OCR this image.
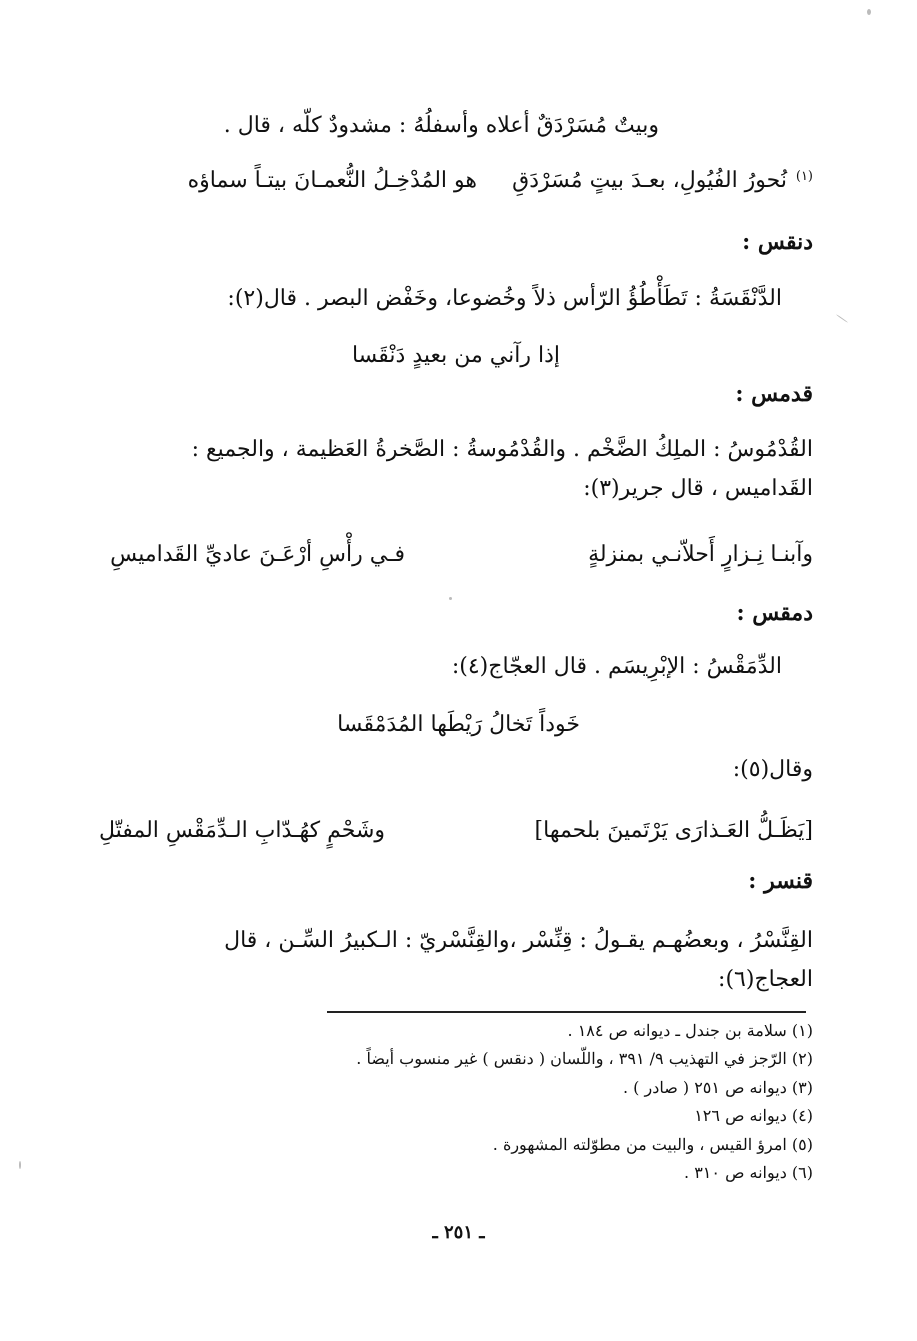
وبيتٌ مُسَرْدَقٌ أعلاه وأسفلُهُ : مشدودٌ كلّه ، قال .
هو المُدْخِـلُ النُّعمـانَ بيتـاً سماؤه نُحورُ الفُيُولِ، بعـدَ بيتٍ مُسَرْدَقِ (١)
دنقس :
الدَّنْقَسَةُ : تَطَأْطُؤُ الرّأس ذلاً وخُضوعا، وخَفْض البصر . قال(٢):
إذا رآني من بعيدٍ دَنْقَسا
قدمس :
القُدْمُوسُ : الملِكُ الضَّخْم . والقُدْمُوسةُ : الصَّخرةُ العَظيمة ، والجميع :
القَداميس ، قال جرير(٣):
وآبنـا نِـزارٍ أَحلاّنـي بمنزلةٍ
فـي رأْسِ أرْعَـنَ عاديِّ القَداميسِ
دمقس :
الدِّمَقْسُ : الإبْرِيسَم . قال العجّاج(٤):
خَوداً تَخالُ رَيْطَها المُدَمْقَسا
وقال(٥):
[يَظَـلُّ العَـذارَى يَرْتَمينَ بلحمها]
وشَحْمٍ كهُـدّابِ الـدِّمَقْسِ المفتّلِ
قنسر :
القِنَّسْرُ ، وبعضُهـم يقـولُ : قِنِّسْر ،والقِنَّسْريّ : الـكبيرُ السِّـن ، قال
العجاج(٦):
(١) سلامة بن جندل ـ ديوانه ص ١٨٤ .
(٢) الرّجز في التهذيب ٩/ ٣٩١ ، واللّسان ( دنقس ) غير منسوب أيضاً .
(٣) ديوانه ص ٢٥١ ( صادر ) .
(٤) ديوانه ص ١٢٦
(٥) امرؤ القيس ، والبيت من مطوّلته المشهورة .
(٦) ديوانه ص ٣١٠ .
ـ ٢٥١ ـ
